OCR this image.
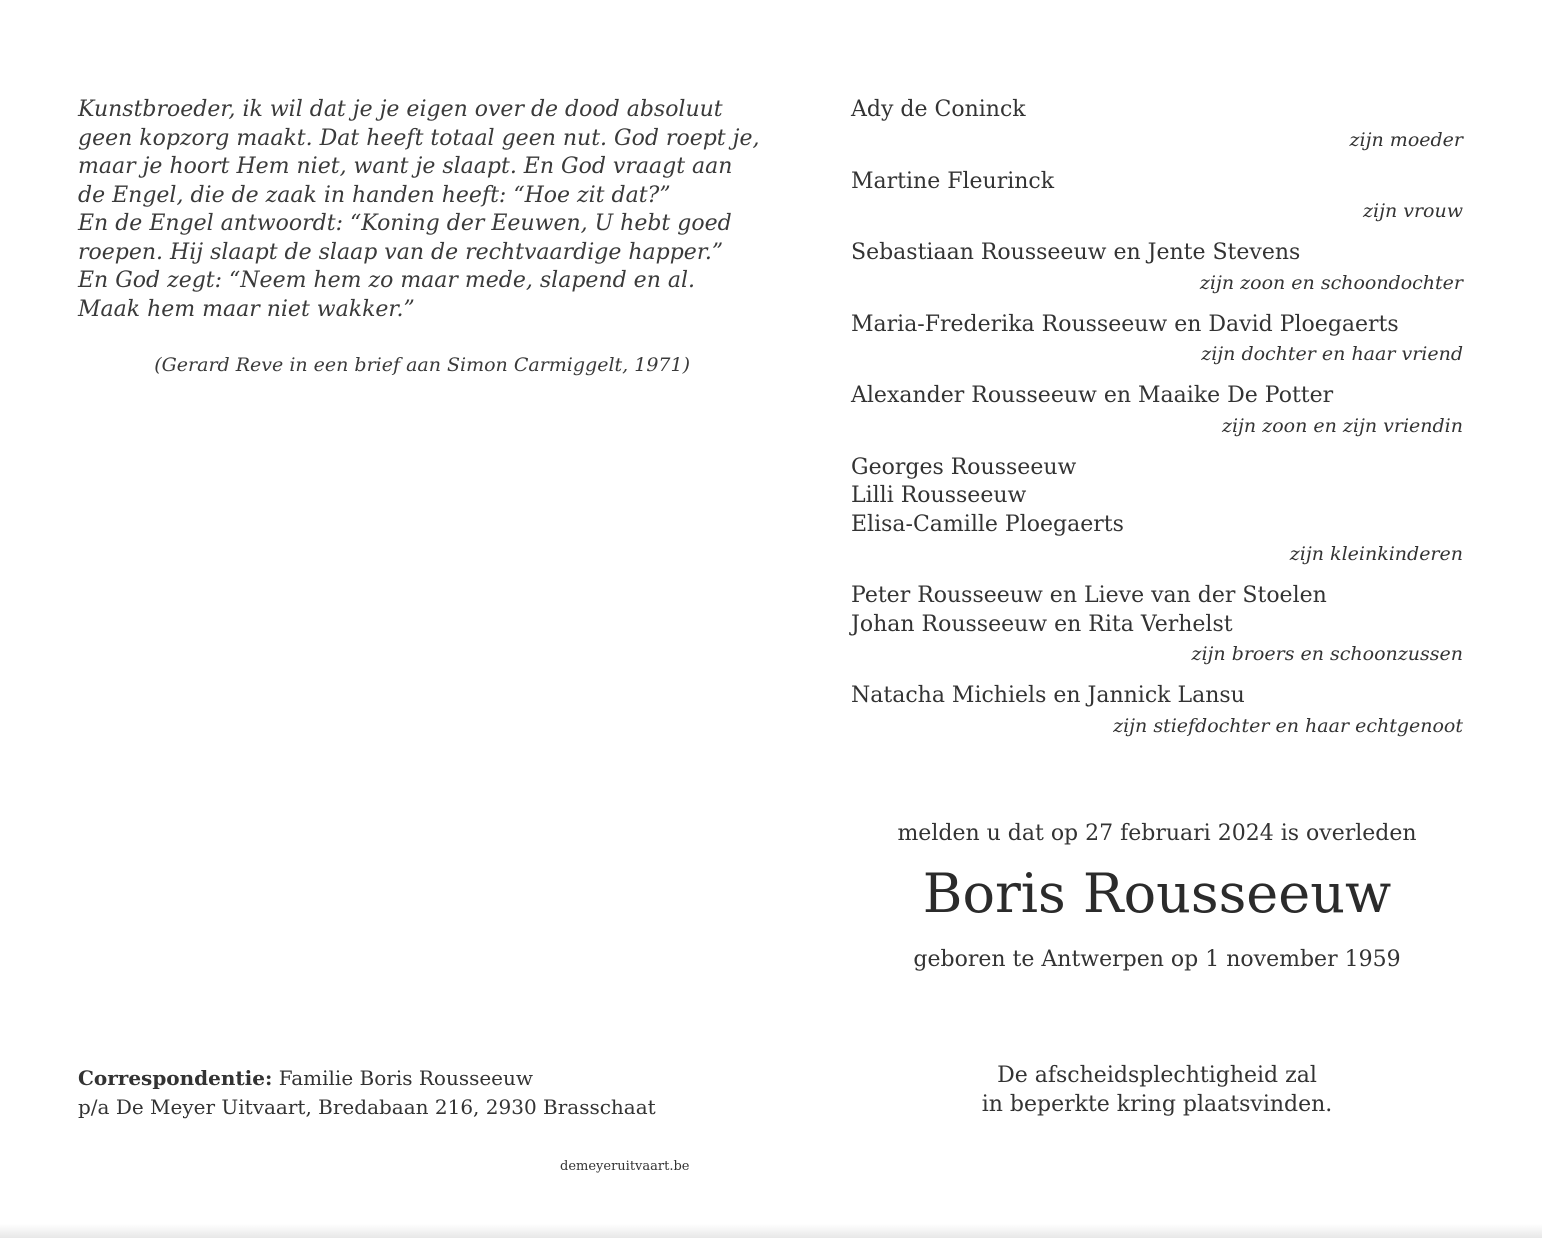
Kunstbroeder, ik wil dat je je eigen over de dood absoluut
geen kopzorg maakt. Dat heeft totaal geen nut. God roept je,
maar je hoort Hem niet, want je slaapt. En God vraagt aan
de Engel, die de zaak in handen heeft: “Hoe zit dat?”
En de Engel antwoordt: “Koning der Eeuwen, U hebt goed
roepen. Hij slaapt de slaap van de rechtvaardige happer.”
En God zegt: “Neem hem zo maar mede, slapend en al.
Maak hem maar niet wakker.”
(Gerard Reve in een brief aan Simon Carmiggelt, 1971)
Ady de Coninck
zijn moeder
Martine Fleurinck
zijn vrouw
Sebastiaan Rousseeuw en Jente Stevens
zijn zoon en schoondochter
Maria-Frederika Rousseeuw en David Ploegaerts
zijn dochter en haar vriend
Alexander Rousseeuw en Maaike De Potter
zijn zoon en zijn vriendin
Georges Rousseeuw
Lilli Rousseeuw
Elisa-Camille Ploegaerts
zijn kleinkinderen
Peter Rousseeuw en Lieve van der Stoelen
Johan Rousseeuw en Rita Verhelst
zijn broers en schoonzussen
Natacha Michiels en Jannick Lansu
zijn stiefdochter en haar echtgenoot
melden u dat op 27 februari 2024 is overleden
Boris Rousseeuw
geboren te Antwerpen op 1 november 1959
De afscheidsplechtigheid zal
in beperkte kring plaatsvinden.
Correspondentie: Familie Boris Rousseeuw
p/a De Meyer Uitvaart, Bredabaan 216, 2930 Brasschaat
demeyeruitvaart.be
